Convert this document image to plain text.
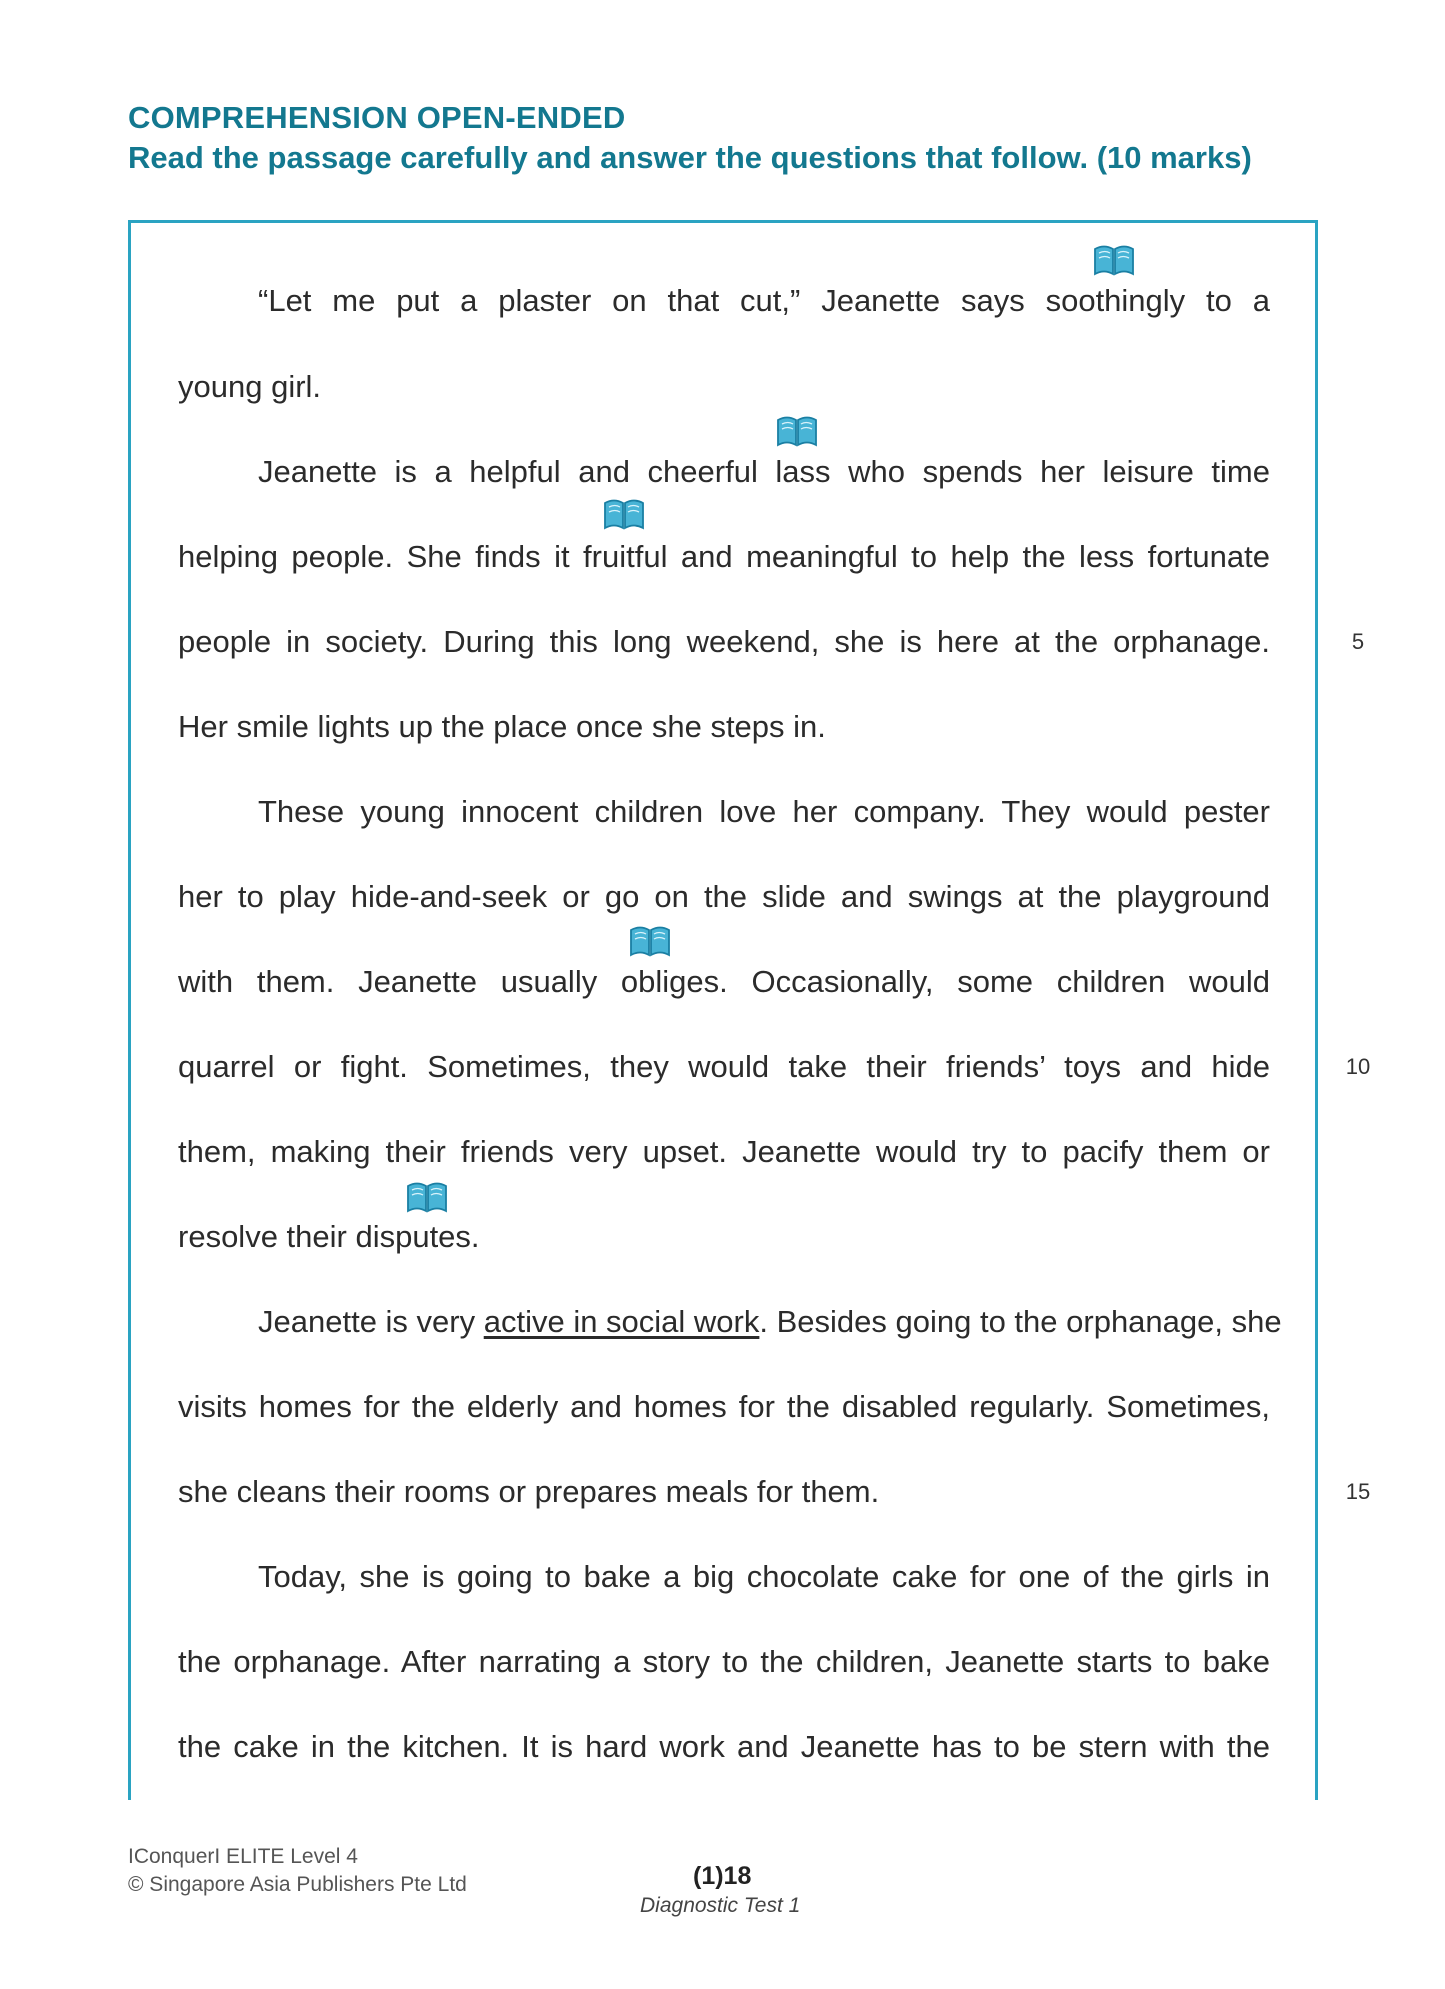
COMPREHENSION OPEN-ENDED
Read the passage carefully and answer the questions that follow. (10 marks)
“Let me put a plaster on that cut,” Jeanette says soothingly to a
young girl.
Jeanette is a helpful and cheerful lass who spends her leisure time
helping people. She finds it fruitful and meaningful to help the less fortunate
people in society. During this long weekend, she is here at the orphanage.
Her smile lights up the place once she steps in.
These young innocent children love her company. They would pester
her to play hide-and-seek or go on the slide and swings at the playground
with them. Jeanette usually obliges. Occasionally, some children would
quarrel or fight. Sometimes, they would take their friends’ toys and hide
them, making their friends very upset. Jeanette would try to pacify them or
resolve their disputes.
Jeanette is very active in social work. Besides going to the orphanage, she
visits homes for the elderly and homes for the disabled regularly. Sometimes,
she cleans their rooms or prepares meals for them.
Today, she is going to bake a big chocolate cake for one of the girls in
the orphanage. After narrating a story to the children, Jeanette starts to bake
the cake in the kitchen. It is hard work and Jeanette has to be stern with the
5
10
15
IConquerI ELITE Level 4
© Singapore Asia Publishers Pte Ltd	(1)18
Diagnostic Test 1
